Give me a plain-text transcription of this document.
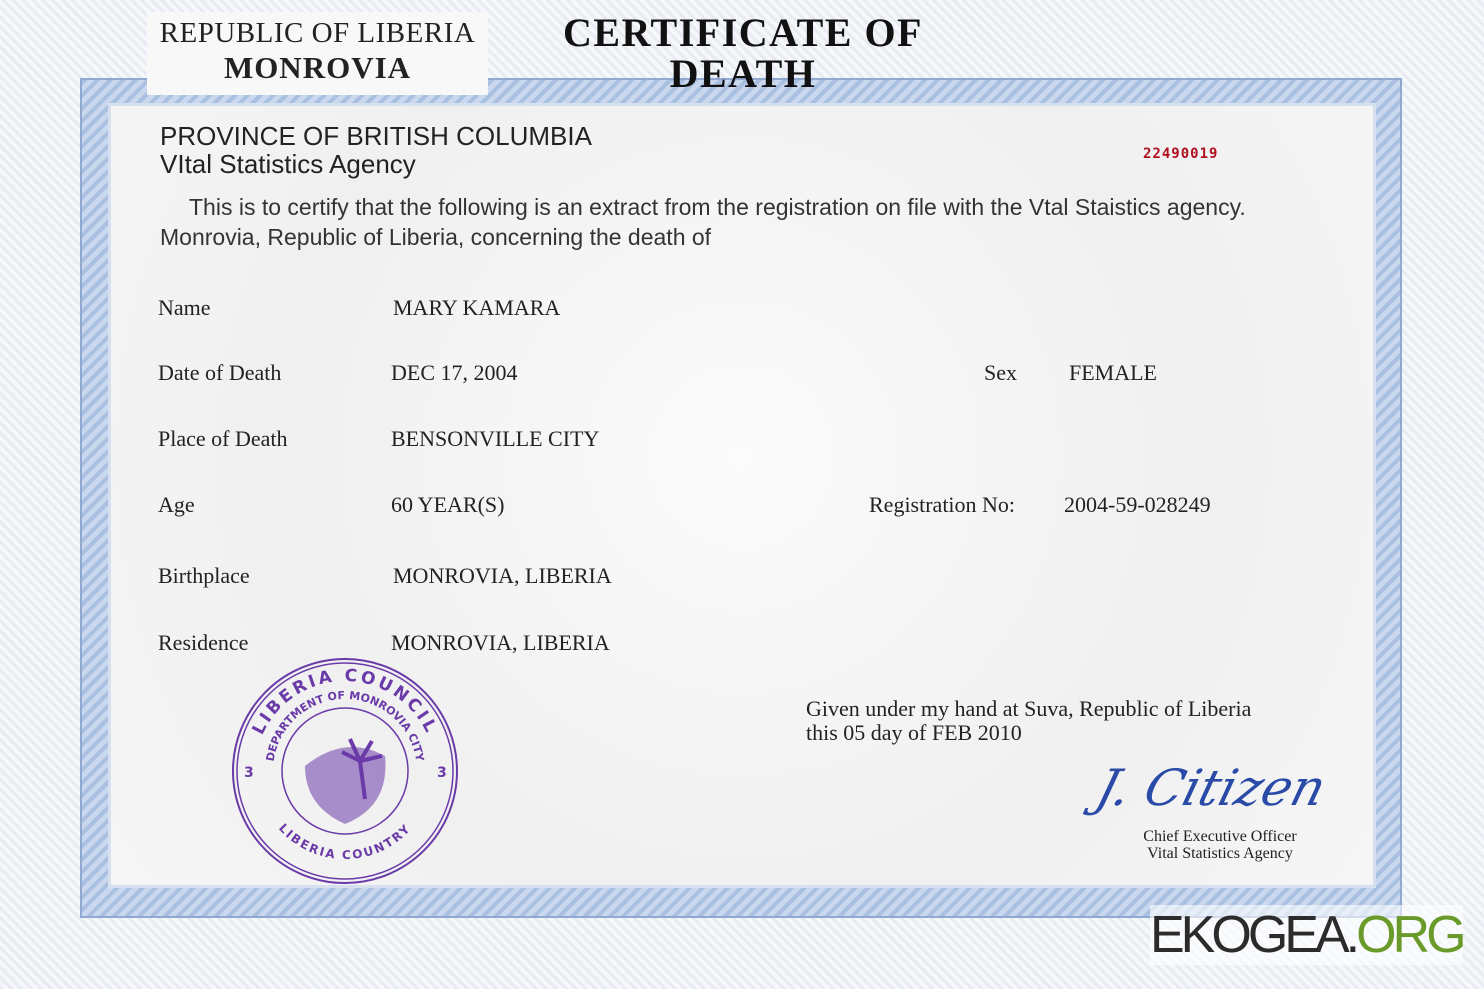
REPUBLIC OF LIBERIA
MONROVIA
CERTIFICATE OF
DEATH
PROVINCE OF BRITISH COLUMBIA
VItal Statistics Agency	22490019
This is to certify that the following is an extract from the registration on file with the Vtal Staistics agency. Monrovia, Republic of Liberia, concerning the death of
Name	MARY KAMARA
Date of Death	DEC 17, 2004	Sex FEMALE
Place of Death	BENSONVILLE CITY
Age	60 YEAR(S)	Registration No: 2004-59-028249
Birthplace	MONROVIA, LIBERIA
Residence	MONROVIA, LIBERIA
LIBERIA COUNCIL
DEPARTMENT OF MONROVIA CITY
LIBERIA COUNTRY
3	3
Given under my hand at Suva, Republic of Liberia
this 05 day of FEB 2010
J. Citizen
Chief Executive Officer
Vital Statistics Agency
EKOGEA.ORG
